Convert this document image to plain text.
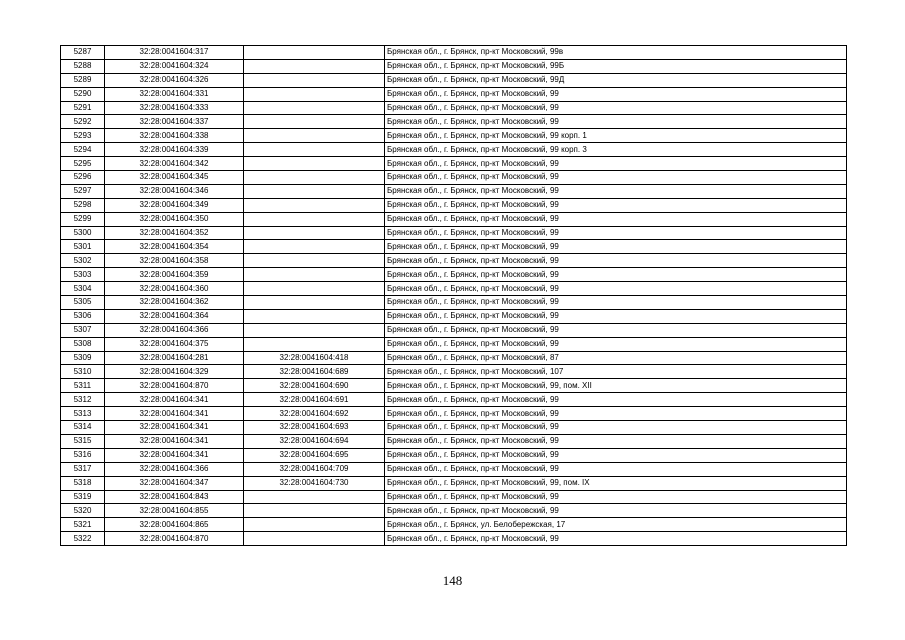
5287	32:28:0041604:317		Брянская обл., г. Брянск, пр-кт Московский, 99в
5288	32:28:0041604:324		Брянская обл., г. Брянск, пр-кт Московский, 99Б
5289	32:28:0041604:326		Брянская обл., г. Брянск, пр-кт Московский, 99Д
5290	32:28:0041604:331		Брянская обл., г. Брянск, пр-кт Московский, 99
5291	32:28:0041604:333		Брянская обл., г. Брянск, пр-кт Московский, 99
5292	32:28:0041604:337		Брянская обл., г. Брянск, пр-кт Московский, 99
5293	32:28:0041604:338		Брянская обл., г. Брянск, пр-кт Московский, 99 корп. 1
5294	32:28:0041604:339		Брянская обл., г. Брянск, пр-кт Московский, 99 корп. 3
5295	32:28:0041604:342		Брянская обл., г. Брянск, пр-кт Московский, 99
5296	32:28:0041604:345		Брянская обл., г. Брянск, пр-кт Московский, 99
5297	32:28:0041604:346		Брянская обл., г. Брянск, пр-кт Московский, 99
5298	32:28:0041604:349		Брянская обл., г. Брянск, пр-кт Московский, 99
5299	32:28:0041604:350		Брянская обл., г. Брянск, пр-кт Московский, 99
5300	32:28:0041604:352		Брянская обл., г. Брянск, пр-кт Московский, 99
5301	32:28:0041604:354		Брянская обл., г. Брянск, пр-кт Московский, 99
5302	32:28:0041604:358		Брянская обл., г. Брянск, пр-кт Московский, 99
5303	32:28:0041604:359		Брянская обл., г. Брянск, пр-кт Московский, 99
5304	32:28:0041604:360		Брянская обл., г. Брянск, пр-кт Московский, 99
5305	32:28:0041604:362		Брянская обл., г. Брянск, пр-кт Московский, 99
5306	32:28:0041604:364		Брянская обл., г. Брянск, пр-кт Московский, 99
5307	32:28:0041604:366		Брянская обл., г. Брянск, пр-кт Московский, 99
5308	32:28:0041604:375		Брянская обл., г. Брянск, пр-кт Московский, 99
5309	32:28:0041604:281	32:28:0041604:418	Брянская обл., г. Брянск, пр-кт Московский, 87
5310	32:28:0041604:329	32:28:0041604:689	Брянская обл., г. Брянск, пр-кт Московский, 107
5311	32:28:0041604:870	32:28:0041604:690	Брянская обл., г. Брянск, пр-кт Московский, 99, пом. XII
5312	32:28:0041604:341	32:28:0041604:691	Брянская обл., г. Брянск, пр-кт Московский, 99
5313	32:28:0041604:341	32:28:0041604:692	Брянская обл., г. Брянск, пр-кт Московский, 99
5314	32:28:0041604:341	32:28:0041604:693	Брянская обл., г. Брянск, пр-кт Московский, 99
5315	32:28:0041604:341	32:28:0041604:694	Брянская обл., г. Брянск, пр-кт Московский, 99
5316	32:28:0041604:341	32:28:0041604:695	Брянская обл., г. Брянск, пр-кт Московский, 99
5317	32:28:0041604:366	32:28:0041604:709	Брянская обл., г. Брянск, пр-кт Московский, 99
5318	32:28:0041604:347	32:28:0041604:730	Брянская обл., г. Брянск, пр-кт Московский, 99, пом. IX
5319	32:28:0041604:843		Брянская обл., г. Брянск, пр-кт Московский, 99
5320	32:28:0041604:855		Брянская обл., г. Брянск, пр-кт Московский, 99
5321	32:28:0041604:865		Брянская обл., г. Брянск, ул. Белобережская, 17
5322	32:28:0041604:870		Брянская обл., г. Брянск, пр-кт Московский, 99
148
